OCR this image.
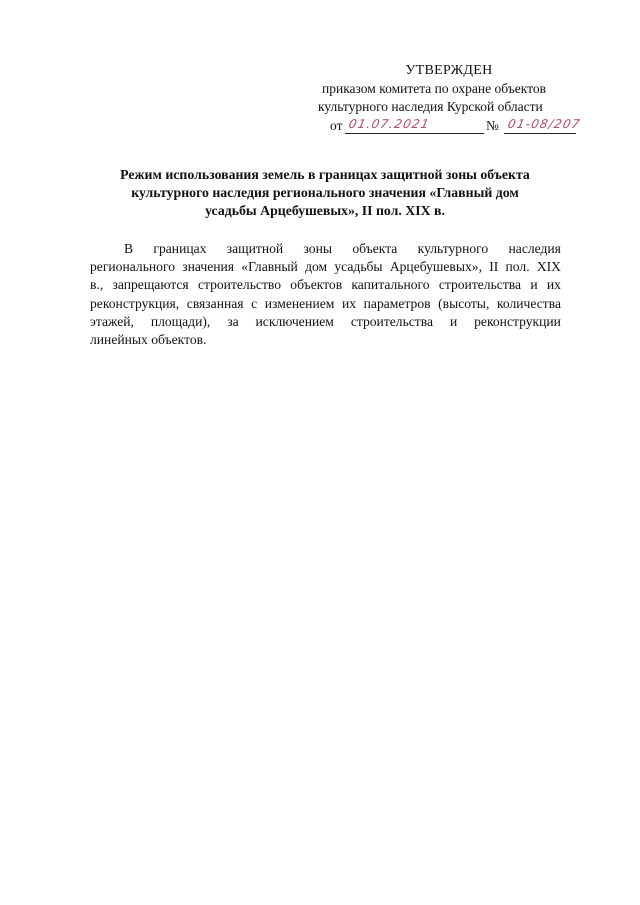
УТВЕРЖДЕН
приказом комитета по охране объектов
культурного наследия Курской области
от 01.07.2021	№ 01-08/207
Режим использования земель в границах защитной зоны объекта
культурного наследия регионального значения «Главный дом
усадьбы Арцебушевых», II пол. XIX в.
В границах защитной зоны объекта культурного наследия
регионального значения «Главный дом усадьбы Арцебушевых», II пол. XIX
в., запрещаются строительство объектов капитального строительства и их
реконструкция, связанная с изменением их параметров (высоты, количества
этажей, площади), за исключением строительства и реконструкции
линейных объектов.
